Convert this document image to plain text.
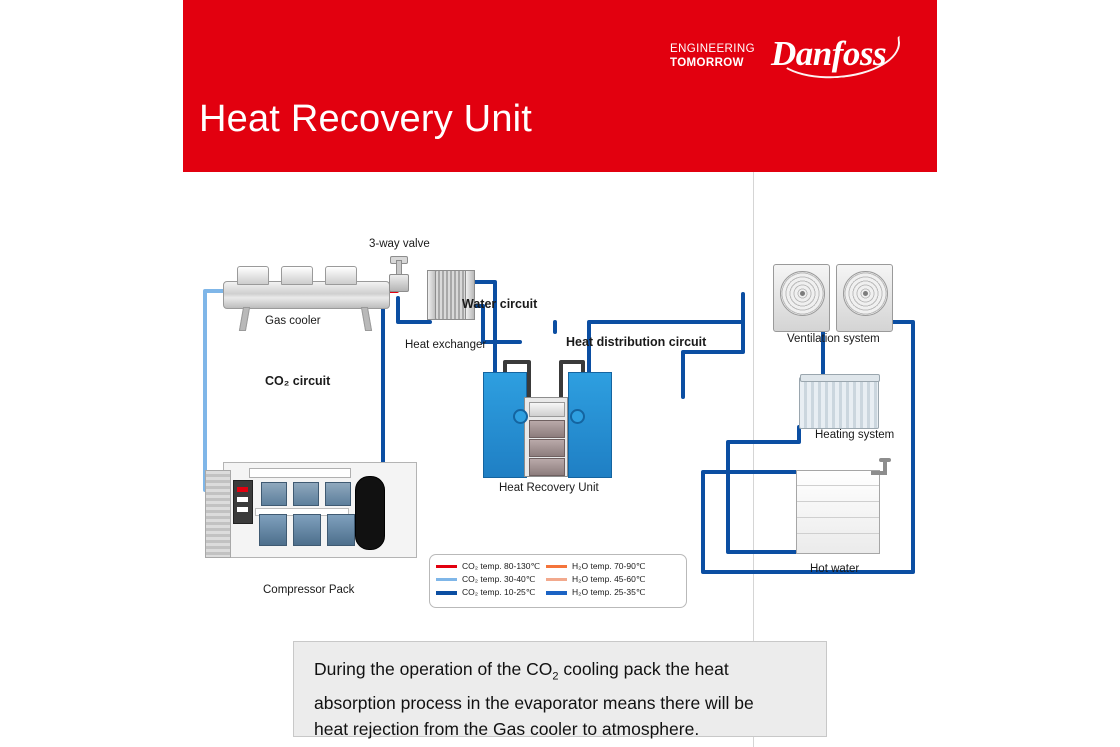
ENGINEERING
TOMORROW Danfoss
Heat Recovery Unit
3-way valve
Gas cooler
Water circuit
Heat exchanger
CO₂ circuit
Heat distribution circuit	Ventilation system
Heating system
Heat Recovery Unit
Compressor Pack
Hot water
CO₂ temp. 80-130℃	H₂O temp. 70-90℃
CO₂ temp. 30-40℃	H₂O temp. 45-60℃
CO₂ temp. 10-25℃	H₂O temp. 25-35℃
During the operation of the $CO_2$ cooling pack the heat
absorption process in the evaporator means there will be
heat rejection from the Gas cooler to atmosphere.
